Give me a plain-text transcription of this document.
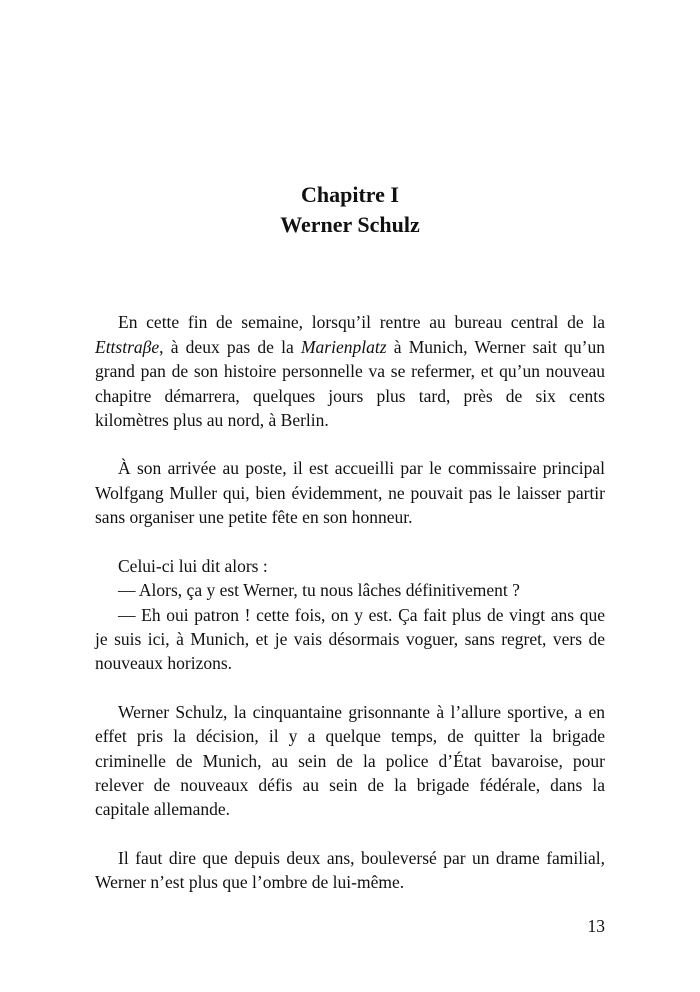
Chapitre I
Werner Schulz
En cette fin de semaine, lorsqu’il rentre au bureau central de la
Ettstraβe, à deux pas de la Marienplatz à Munich, Werner sait qu’un
grand pan de son histoire personnelle va se refermer, et qu’un nouveau
chapitre démarrera, quelques jours plus tard, près de six cents
kilomètres plus au nord, à Berlin.
À son arrivée au poste, il est accueilli par le commissaire principal
Wolfgang Muller qui, bien évidemment, ne pouvait pas le laisser partir
sans organiser une petite fête en son honneur.
Celui-ci lui dit alors :
— Alors, ça y est Werner, tu nous lâches définitivement ?
— Eh oui patron ! cette fois, on y est. Ça fait plus de vingt ans que
je suis ici, à Munich, et je vais désormais voguer, sans regret, vers de
nouveaux horizons.
Werner Schulz, la cinquantaine grisonnante à l’allure sportive, a en
effet pris la décision, il y a quelque temps, de quitter la brigade
criminelle de Munich, au sein de la police d’État bavaroise, pour
relever de nouveaux défis au sein de la brigade fédérale, dans la
capitale allemande.
Il faut dire que depuis deux ans, bouleversé par un drame familial,
Werner n’est plus que l’ombre de lui-même.
13
